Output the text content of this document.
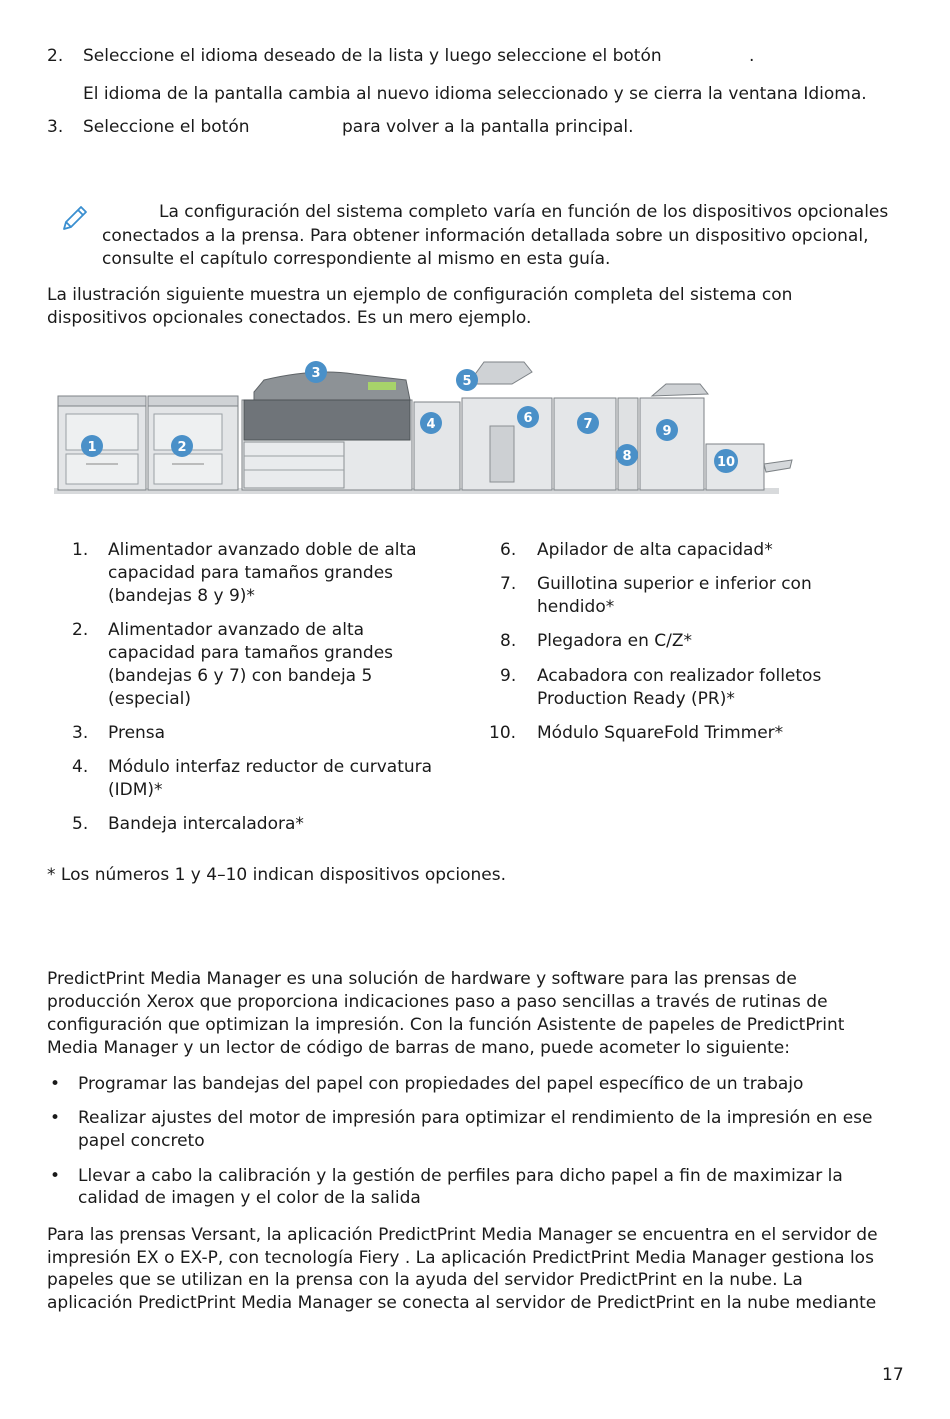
2. Seleccione el idioma deseado de la lista y luego seleccione el botón	.
El idioma de la pantalla cambia al nuevo idioma seleccionado y se cierra la ventana Idioma.
3. Seleccione el botón	para volver a la pantalla principal.
La configuración del sistema completo varía en función de los dispositivos opcionales
conectados a la prensa. Para obtener información detallada sobre un dispositivo opcional,
consulte el capítulo correspondiente al mismo en esta guía.
La ilustración siguiente muestra un ejemplo de configuración completa del sistema con
dispositivos opcionales conectados. Es un mero ejemplo.
1	2
3
4
5
6	7
8
9
10
1. Alimentador avanzado doble de alta
capacidad para tamaños grandes
(bandejas 8 y 9)*
2. Alimentador avanzado de alta
capacidad para tamaños grandes
(bandejas 6 y 7) con bandeja 5
(especial)
3. Prensa
4. Módulo interfaz reductor de curvatura
(IDM)*
5. Bandeja intercaladora*
6. Apilador de alta capacidad*
7. Guillotina superior e inferior con
hendido*
8. Plegadora en C/Z*
9. Acabadora con realizador folletos
Production Ready (PR)*
10. Módulo SquareFold Trimmer*
* Los números 1 y 4–10 indican dispositivos opciones.
PredictPrint Media Manager es una solución de hardware y software para las prensas de
producción Xerox que proporciona indicaciones paso a paso sencillas a través de rutinas de
configuración que optimizan la impresión. Con la función Asistente de papeles de PredictPrint
Media Manager y un lector de código de barras de mano, puede acometer lo siguiente:
• Programar las bandejas del papel con propiedades del papel específico de un trabajo
• Realizar ajustes del motor de impresión para optimizar el rendimiento de la impresión en ese
papel concreto
• Llevar a cabo la calibración y la gestión de perfiles para dicho papel a fin de maximizar la
calidad de imagen y el color de la salida
Para las prensas Versant, la aplicación PredictPrint Media Manager se encuentra en el servidor de
impresión EX o EX-P, con tecnología Fiery . La aplicación PredictPrint Media Manager gestiona los
papeles que se utilizan en la prensa con la ayuda del servidor PredictPrint en la nube. La
aplicación PredictPrint Media Manager se conecta al servidor de PredictPrint en la nube mediante
17
